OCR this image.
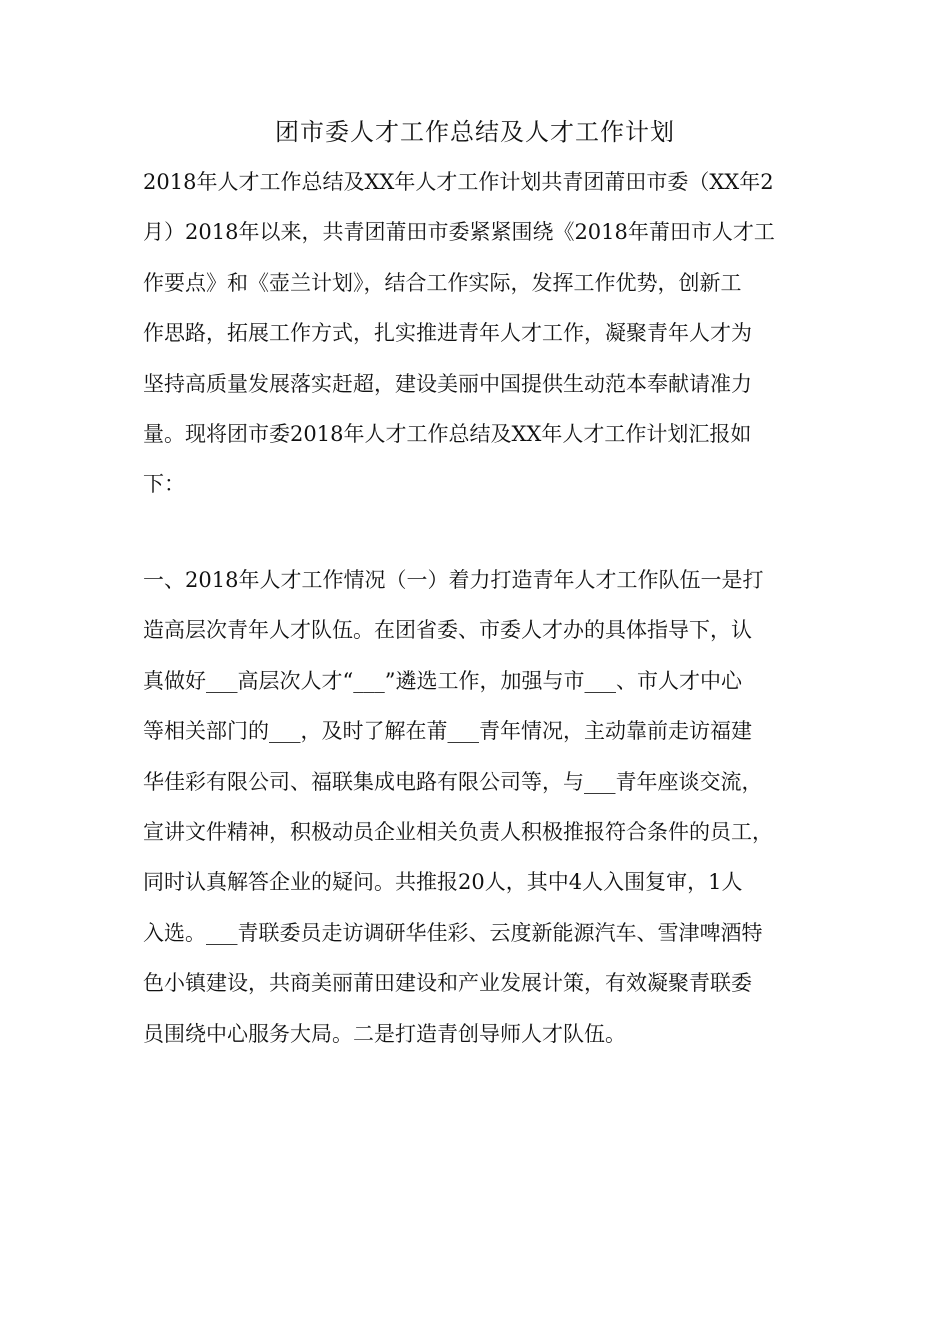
团市委人才工作总结及人才工作计划
2018年人才工作总结及XX年人才工作计划共青团莆田市委（XX年2
月）2018年以来，共青团莆田市委紧紧围绕《2018年莆田市人才工
作要点》和《壶兰计划》，结合工作实际，发挥工作优势，创新工
作思路，拓展工作方式，扎实推进青年人才工作，凝聚青年人才为
坚持高质量发展落实赶超，建设美丽中国提供生动范本奉献请准力
量。现将团市委2018年人才工作总结及XX年人才工作计划汇报如
下：
一、2018年人才工作情况（一）着力打造青年人才工作队伍一是打
造高层次青年人才队伍。在团省委、市委人才办的具体指导下，认
真做好___高层次人才“___”遴选工作，加强与市___、市人才中心
等相关部门的___，及时了解在莆___青年情况，主动靠前走访福建
华佳彩有限公司、福联集成电路有限公司等，与___青年座谈交流，
宣讲文件精神，积极动员企业相关负责人积极推报符合条件的员工，
同时认真解答企业的疑问。共推报20人，其中4人入围复审，1人
入选。___青联委员走访调研华佳彩、云度新能源汽车、雪津啤酒特
色小镇建设，共商美丽莆田建设和产业发展计策，有效凝聚青联委
员围绕中心服务大局。二是打造青创导师人才队伍。
